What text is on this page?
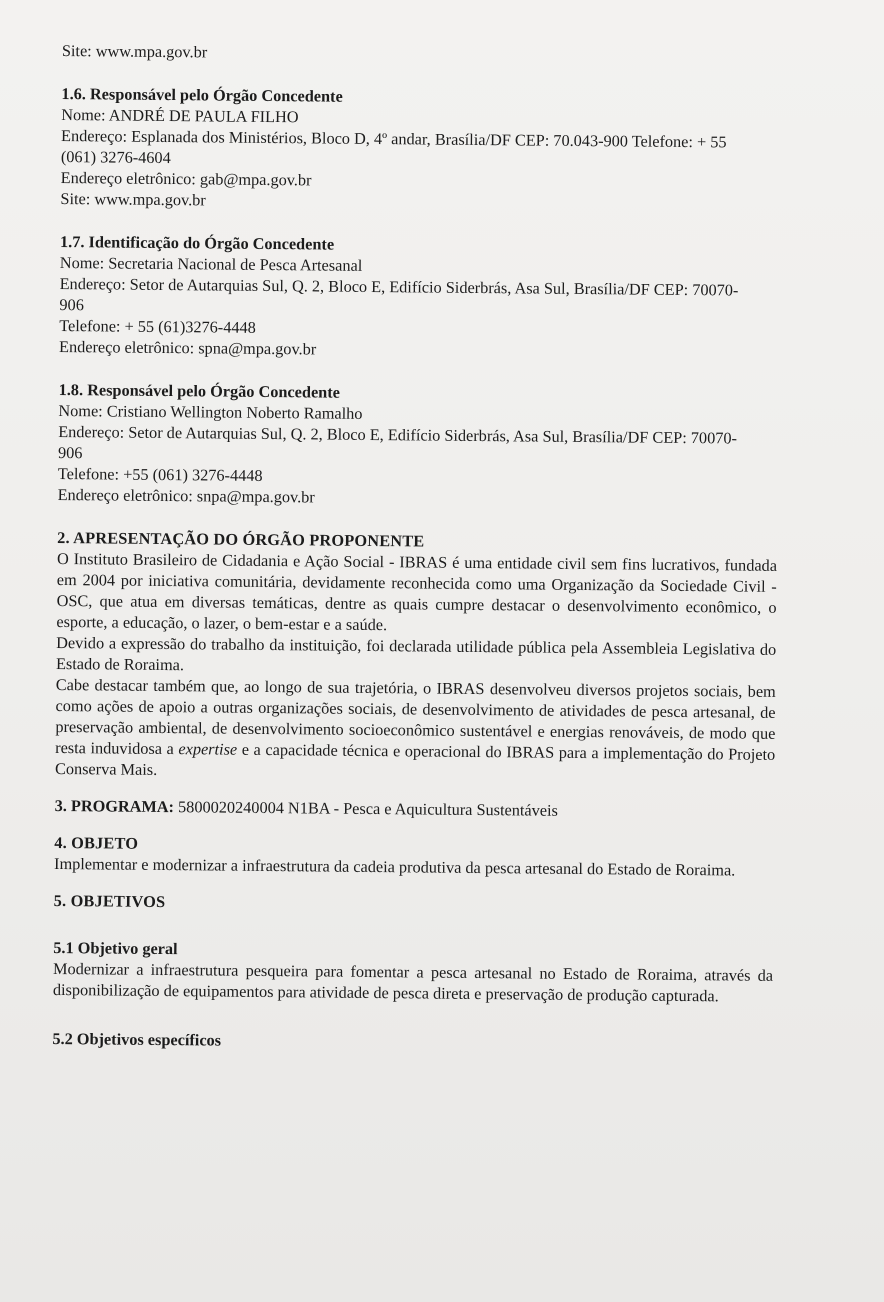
Site: www.mpa.gov.br
1.6. Responsável pelo Órgão Concedente
Nome: ANDRÉ DE PAULA FILHO
Endereço: Esplanada dos Ministérios, Bloco D, 4º andar, Brasília/DF CEP: 70.043-900 Telefone: + 55
(061) 3276-4604
Endereço eletrônico: gab@mpa.gov.br
Site: www.mpa.gov.br
1.7. Identificação do Órgão Concedente
Nome: Secretaria Nacional de Pesca Artesanal
Endereço: Setor de Autarquias Sul, Q. 2, Bloco E, Edifício Siderbrás, Asa Sul, Brasília/DF CEP: 70070-
906
Telefone: + 55 (61)3276-4448
Endereço eletrônico: spna@mpa.gov.br
1.8. Responsável pelo Órgão Concedente
Nome: Cristiano Wellington Noberto Ramalho
Endereço: Setor de Autarquias Sul, Q. 2, Bloco E, Edifício Siderbrás, Asa Sul, Brasília/DF CEP: 70070-
906
Telefone: +55 (061) 3276-4448
Endereço eletrônico: snpa@mpa.gov.br
2. APRESENTAÇÃO DO ÓRGÃO PROPONENTE
O Instituto Brasileiro de Cidadania e Ação Social - IBRAS é uma entidade civil sem fins lucrativos, fundada em 2004 por iniciativa comunitária, devidamente reconhecida como uma Organização da Sociedade Civil - OSC, que atua em diversas temáticas, dentre as quais cumpre destacar o desenvolvimento econômico, o esporte, a educação, o lazer, o bem-estar e a saúde.
Devido a expressão do trabalho da instituição, foi declarada utilidade pública pela Assembleia Legislativa do Estado de Roraima.
Cabe destacar também que, ao longo de sua trajetória, o IBRAS desenvolveu diversos projetos sociais, bem como ações de apoio a outras organizações sociais, de desenvolvimento de atividades de pesca artesanal, de preservação ambiental, de desenvolvimento socioeconômico sustentável e energias renováveis, de modo que resta induvidosa a expertise e a capacidade técnica e operacional do IBRAS para a implementação do Projeto Conserva Mais.
3. PROGRAMA: 5800020240004 N1BA - Pesca e Aquicultura Sustentáveis
4. OBJETO
Implementar e modernizar a infraestrutura da cadeia produtiva da pesca artesanal do Estado de Roraima.
5. OBJETIVOS
5.1 Objetivo geral
Modernizar a infraestrutura pesqueira para fomentar a pesca artesanal no Estado de Roraima, através da disponibilização de equipamentos para atividade de pesca direta e preservação de produção capturada.
5.2 Objetivos específicos
